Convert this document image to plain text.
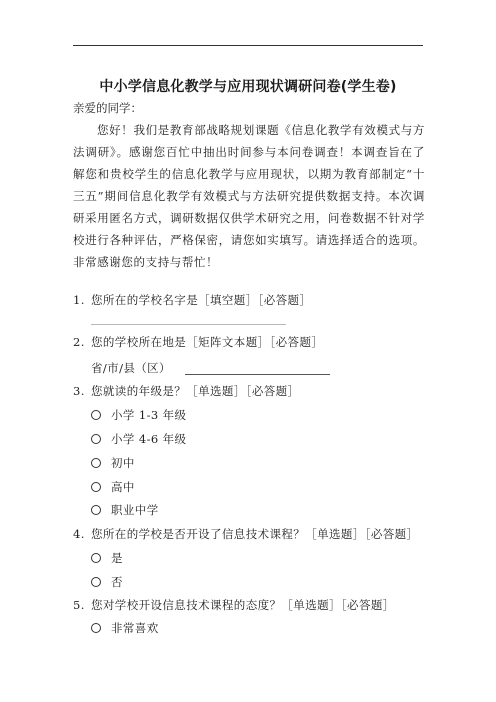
中小学信息化教学与应用现状调研问卷(学生卷)
亲爱的同学：

您好！我们是教育部战略规划课题《信息化教学有效模式与方法调研》。感谢您百忙中抽出时间参与本问卷调查！本调查旨在了解您和贵校学生的信息化教学与应用现状，以期为教育部制定“十三五”期间信息化教学有效模式与方法研究提供数据支持。本次调研采用匿名方式，调研数据仅供学术研究之用，问卷数据不针对学校进行各种评估，严格保密，请您如实填写。请选择适合的选项。非常感谢您的支持与帮忙！

1. 您所在的学校名字是［填空题］［必答题］
2. 您的学校所在地是［矩阵文本题］［必答题］
省/市/县（区）
3. 您就读的年级是？［单选题］［必答题］
小学 1-3 年级
小学 4-6 年级
初中
高中
职业中学
4. 您所在的学校是否开设了信息技术课程？［单选题］［必答题］
是
否
5. 您对学校开设信息技术课程的态度？［单选题］［必答题］
非常喜欢
